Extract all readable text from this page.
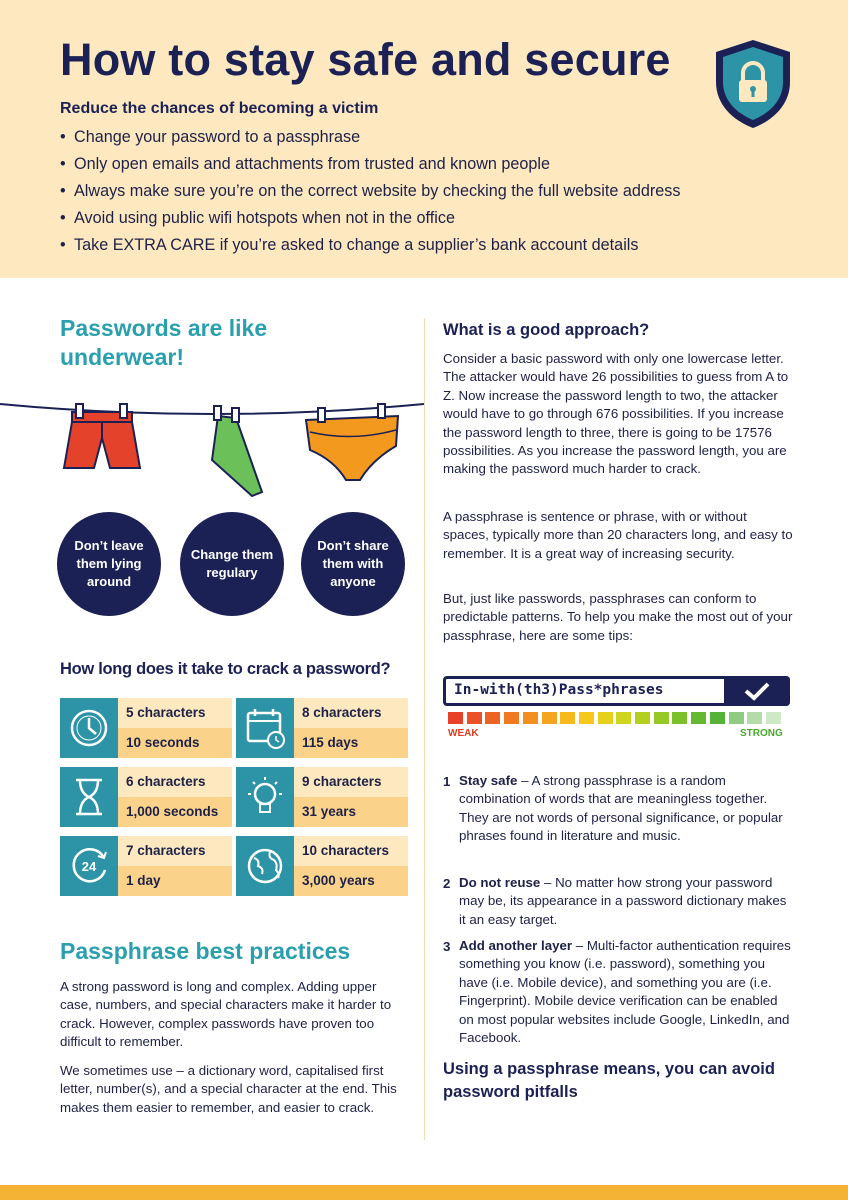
How to stay safe and secure
Reduce the chances of becoming a victim
• Change your password to a passphrase
• Only open emails and attachments from trusted and known people
• Always make sure you’re on the correct website by checking the full website address
• Avoid using public wifi hotspots when not in the office
• Take EXTRA CARE if you’re asked to change a supplier’s bank account details
Passwords are like underwear!
Don’t leave them lying around
Change them regulary
Don’t share them with anyone
How long does it take to crack a password?
5 characters
10 seconds
8 characters
115 days
6 characters
1,000 seconds
9 characters
31 years
24
7 characters
1 day
10 characters
3,000 years
Passphrase best practices
A strong password is long and complex. Adding upper case, numbers, and special characters make it harder to crack. However, complex passwords have proven too difficult to remember.
We sometimes use – a dictionary word, capitalised first letter, number(s), and a special character at the end. This makes them easier to remember, and easier to crack.
What is a good approach?
Consider a basic password with only one lowercase letter. The attacker would have 26 possibilities to guess from A to Z. Now increase the password length to two, the attacker would have to go through 676 possibilities. If you increase the password length to three, there is going to be 17576 possibilities. As you increase the password length, you are making the password much harder to crack.
A passphrase is sentence or phrase, with or without spaces, typically more than 20 characters long, and easy to remember. It is a great way of increasing security.
But, just like passwords, passphrases can conform to predictable patterns. To help you make the most out of your passphrase, here are some tips:
In-with(th3)Pass*phrases
WEAK	STRONG
1 Stay safe – A strong passphrase is a random combination of words that are meaningless together. They are not words of personal significance, or popular phrases found in literature and music.
2 Do not reuse – No matter how strong your password may be, its appearance in a password dictionary makes it an easy target.
3 Add another layer – Multi-factor authentication requires something you know (i.e. password), something you have (i.e. Mobile device), and something you are (i.e. Fingerprint). Mobile device verification can be enabled on most popular websites include Google, LinkedIn, and Facebook.
Using a passphrase means, you can avoid password pitfalls
